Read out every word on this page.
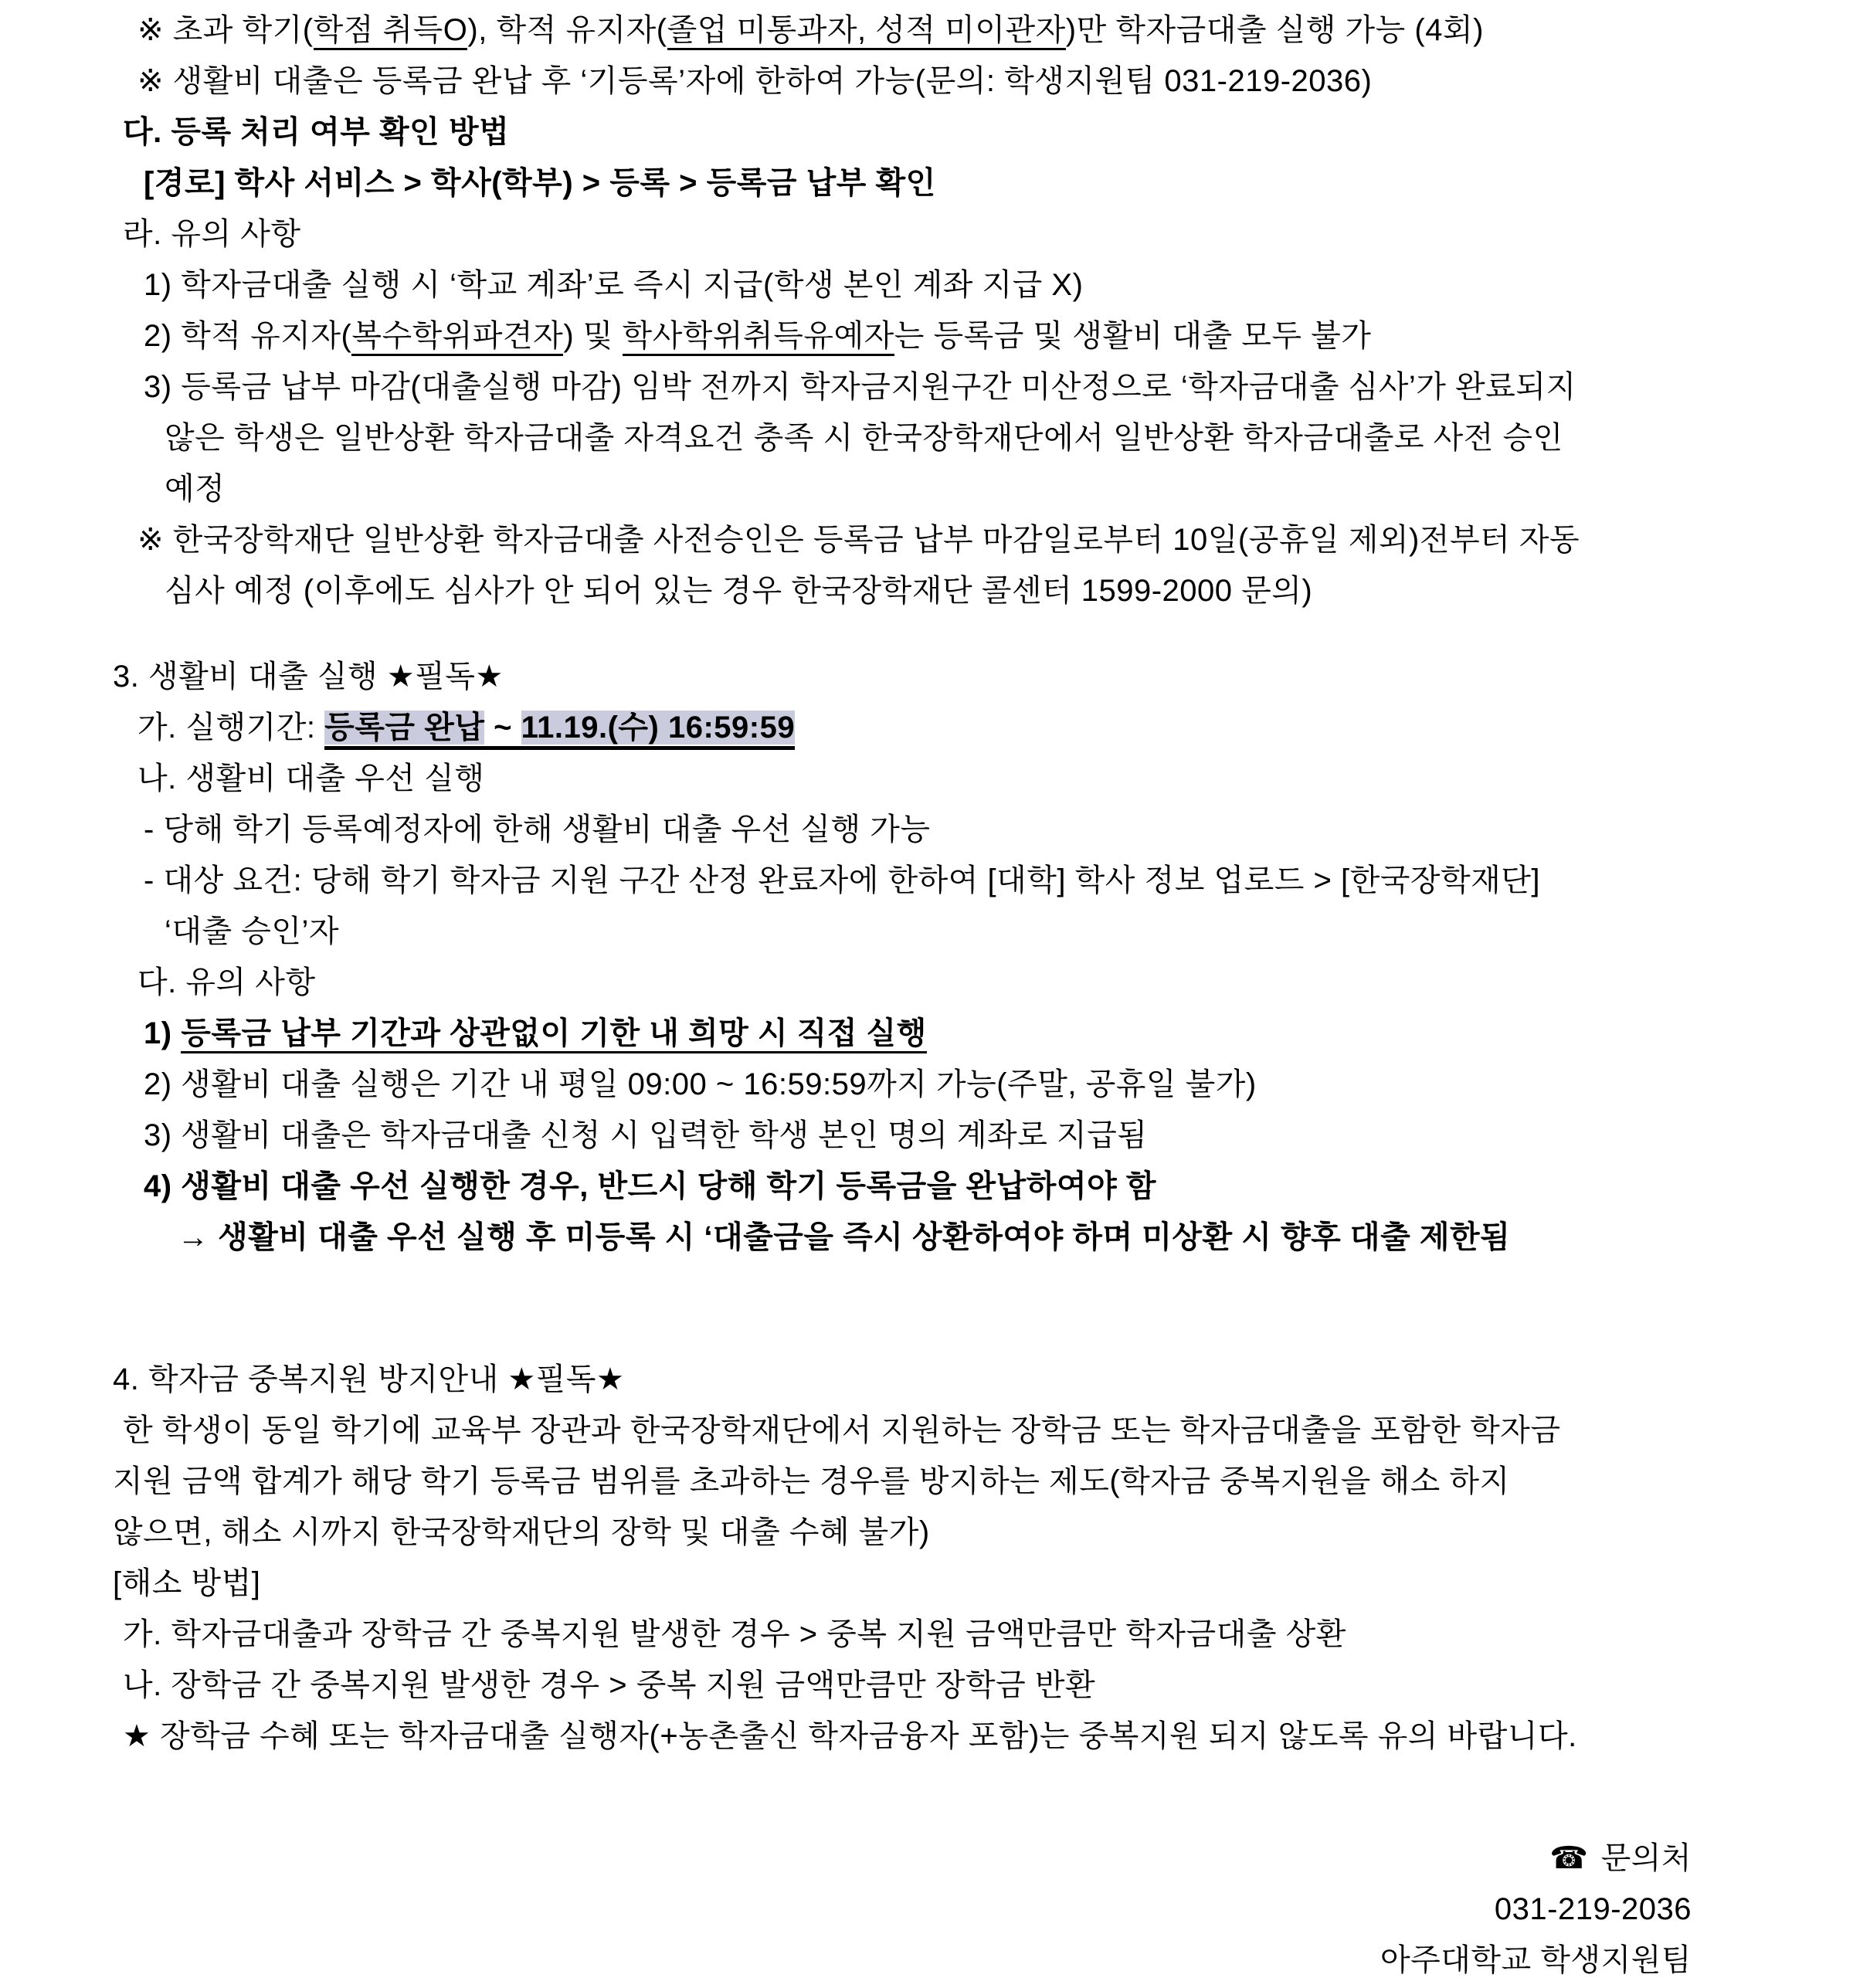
※ 초과 학기(학점 취득O), 학적 유지자(졸업 미통과자, 성적 미이관자)만 학자금대출 실행 가능 (4회)
※ 생활비 대출은 등록금 완납 후 ‘기등록’자에 한하여 가능(문의: 학생지원팀 031-219-2036)
다. 등록 처리 여부 확인 방법
[경로] 학사 서비스 > 학사(학부) > 등록 > 등록금 납부 확인
라. 유의 사항
1) 학자금대출 실행 시 ‘학교 계좌’로 즉시 지급(학생 본인 계좌 지급 X)
2) 학적 유지자(복수학위파견자) 및 학사학위취득유예자는 등록금 및 생활비 대출 모두 불가
3) 등록금 납부 마감(대출실행 마감) 임박 전까지 학자금지원구간 미산정으로 ‘학자금대출 심사’가 완료되지
않은 학생은 일반상환 학자금대출 자격요건 충족 시 한국장학재단에서 일반상환 학자금대출로 사전 승인
예정
※ 한국장학재단 일반상환 학자금대출 사전승인은 등록금 납부 마감일로부터 10일(공휴일 제외)전부터 자동
심사 예정 (이후에도 심사가 안 되어 있는 경우 한국장학재단 콜센터 1599-2000 문의)
3. 생활비 대출 실행 ★필독★
가. 실행기간: 등록금 완납 ~ 11.19.(수) 16:59:59
나. 생활비 대출 우선 실행
- 당해 학기 등록예정자에 한해 생활비 대출 우선 실행 가능
- 대상 요건: 당해 학기 학자금 지원 구간 산정 완료자에 한하여 [대학] 학사 정보 업로드 > [한국장학재단]
‘대출 승인’자
다. 유의 사항
1) 등록금 납부 기간과 상관없이 기한 내 희망 시 직접 실행
2) 생활비 대출 실행은 기간 내 평일 09:00 ~ 16:59:59까지 가능(주말, 공휴일 불가)
3) 생활비 대출은 학자금대출 신청 시 입력한 학생 본인 명의 계좌로 지급됨
4) 생활비 대출 우선 실행한 경우, 반드시 당해 학기 등록금을 완납하여야 함
→ 생활비 대출 우선 실행 후 미등록 시 ‘대출금을 즉시 상환하여야 하며 미상환 시 향후 대출 제한됨
4. 학자금 중복지원 방지안내 ★필독★
한 학생이 동일 학기에 교육부 장관과 한국장학재단에서 지원하는 장학금 또는 학자금대출을 포함한 학자금
지원 금액 합계가 해당 학기 등록금 범위를 초과하는 경우를 방지하는 제도(학자금 중복지원을 해소 하지
않으면, 해소 시까지 한국장학재단의 장학 및 대출 수혜 불가)
[해소 방법]
가. 학자금대출과 장학금 간 중복지원 발생한 경우 > 중복 지원 금액만큼만 학자금대출 상환
나. 장학금 간 중복지원 발생한 경우 > 중복 지원 금액만큼만 장학금 반환
★ 장학금 수혜 또는 학자금대출 실행자(+농촌출신 학자금융자 포함)는 중복지원 되지 않도록 유의 바랍니다.
☎ 문의처
031-219-2036
아주대학교 학생지원팀
